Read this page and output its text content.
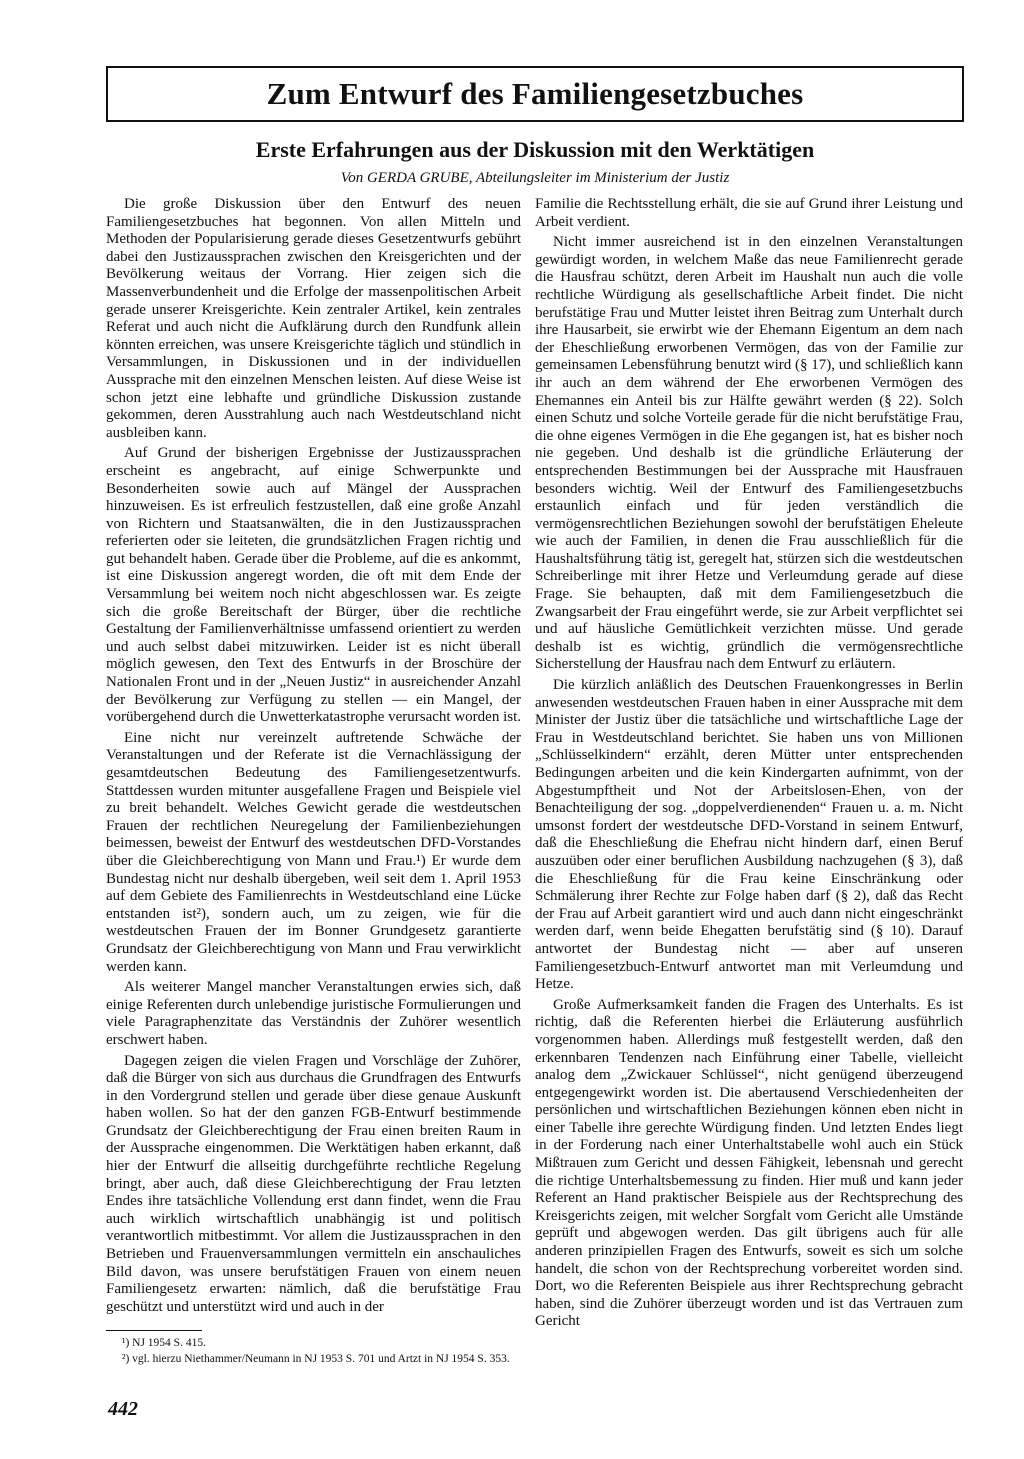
Zum Entwurf des Familiengesetzbuches
Erste Erfahrungen aus der Diskussion mit den Werktätigen

Von GERDA GRUBE, Abteilungsleiter im Ministerium der Justiz

Die große Diskussion über den Entwurf des neuen Familiengesetzbuches hat begonnen. Von allen Mitteln und Methoden der Popularisierung gerade dieses Gesetzentwurfs gebührt dabei den Justizaussprachen zwischen den Kreisgerichten und der Bevölkerung weitaus der Vorrang. Hier zeigen sich die Massenverbundenheit und die Erfolge der massenpolitischen Arbeit gerade unserer Kreisgerichte. Kein zentraler Artikel, kein zentrales Referat und auch nicht die Aufklärung durch den Rundfunk allein könnten erreichen, was unsere Kreisgerichte täglich und stündlich in Versammlungen, in Diskussionen und in der individuellen Aussprache mit den einzelnen Menschen leisten. Auf diese Weise ist schon jetzt eine lebhafte und gründliche Diskussion zustande gekommen, deren Ausstrahlung auch nach Westdeutschland nicht ausbleiben kann.

Auf Grund der bisherigen Ergebnisse der Justizaussprachen erscheint es angebracht, auf einige Schwerpunkte und Besonderheiten sowie auch auf Mängel der Aussprachen hinzuweisen. Es ist erfreulich festzustellen, daß eine große Anzahl von Richtern und Staatsanwälten, die in den Justizaussprachen referierten oder sie leiteten, die grundsätzlichen Fragen richtig und gut behandelt haben. Gerade über die Probleme, auf die es ankommt, ist eine Diskussion angeregt worden, die oft mit dem Ende der Versammlung bei weitem noch nicht abgeschlossen war. Es zeigte sich die große Bereitschaft der Bürger, über die rechtliche Gestaltung der Familienverhältnisse umfassend orientiert zu werden und auch selbst dabei mitzuwirken. Leider ist es nicht überall möglich gewesen, den Text des Entwurfs in der Broschüre der Nationalen Front und in der „Neuen Justiz“ in ausreichender Anzahl der Bevölkerung zur Verfügung zu stellen — ein Mangel, der vorübergehend durch die Unwetterkatastrophe verursacht worden ist.

Eine nicht nur vereinzelt auftretende Schwäche der Veranstaltungen und der Referate ist die Vernachlässigung der gesamtdeutschen Bedeutung des Familiengesetzentwurfs. Stattdessen wurden mitunter ausgefallene Fragen und Beispiele viel zu breit behandelt. Welches Gewicht gerade die westdeutschen Frauen der rechtlichen Neuregelung der Familienbeziehungen beimessen, beweist der Entwurf des westdeutschen DFD-Vorstandes über die Gleichberechtigung von Mann und Frau.¹) Er wurde dem Bundestag nicht nur deshalb übergeben, weil seit dem 1. April 1953 auf dem Gebiete des Familienrechts in Westdeutschland eine Lücke entstanden ist²), sondern auch, um zu zeigen, wie für die westdeutschen Frauen der im Bonner Grundgesetz garantierte Grundsatz der Gleichberechtigung von Mann und Frau verwirklicht werden kann.

Als weiterer Mangel mancher Veranstaltungen erwies sich, daß einige Referenten durch unlebendige juristische Formulierungen und viele Paragraphenzitate das Verständnis der Zuhörer wesentlich erschwert haben.

Dagegen zeigen die vielen Fragen und Vorschläge der Zuhörer, daß die Bürger von sich aus durchaus die Grundfragen des Entwurfs in den Vordergrund stellen und gerade über diese genaue Auskunft haben wollen. So hat der den ganzen FGB-Entwurf bestimmende Grundsatz der Gleichberechtigung der Frau einen breiten Raum in der Aussprache eingenommen. Die Werktätigen haben erkannt, daß hier der Entwurf die allseitig durchgeführte rechtliche Regelung bringt, aber auch, daß diese Gleichberechtigung der Frau letzten Endes ihre tatsächliche Vollendung erst dann findet, wenn die Frau auch wirklich wirtschaftlich unabhängig ist und politisch verantwortlich mitbestimmt. Vor allem die Justizaussprachen in den Betrieben und Frauenversammlungen vermitteln ein anschauliches Bild davon, was unsere berufstätigen Frauen von einem neuen Familiengesetz erwarten: nämlich, daß die berufstätige Frau geschützt und unterstützt wird und auch in der

Familie die Rechtsstellung erhält, die sie auf Grund ihrer Leistung und Arbeit verdient.

Nicht immer ausreichend ist in den einzelnen Veranstaltungen gewürdigt worden, in welchem Maße das neue Familienrecht gerade die Hausfrau schützt, deren Arbeit im Haushalt nun auch die volle rechtliche Würdigung als gesellschaftliche Arbeit findet. Die nicht berufstätige Frau und Mutter leistet ihren Beitrag zum Unterhalt durch ihre Hausarbeit, sie erwirbt wie der Ehemann Eigentum an dem nach der Eheschließung erworbenen Vermögen, das von der Familie zur gemeinsamen Lebensführung benutzt wird (§ 17), und schließlich kann ihr auch an dem während der Ehe erworbenen Vermögen des Ehemannes ein Anteil bis zur Hälfte gewährt werden (§ 22). Solch einen Schutz und solche Vorteile gerade für die nicht berufstätige Frau, die ohne eigenes Vermögen in die Ehe gegangen ist, hat es bisher noch nie gegeben. Und deshalb ist die gründliche Erläuterung der entsprechenden Bestimmungen bei der Aussprache mit Hausfrauen besonders wichtig. Weil der Entwurf des Familiengesetzbuchs erstaunlich einfach und für jeden verständlich die vermögensrechtlichen Beziehungen sowohl der berufstätigen Eheleute wie auch der Familien, in denen die Frau ausschließlich für die Haushaltsführung tätig ist, geregelt hat, stürzen sich die westdeutschen Schreiberlinge mit ihrer Hetze und Verleumdung gerade auf diese Frage. Sie behaupten, daß mit dem Familiengesetzbuch die Zwangsarbeit der Frau eingeführt werde, sie zur Arbeit verpflichtet sei und auf häusliche Gemütlichkeit verzichten müsse. Und gerade deshalb ist es wichtig, gründlich die vermögensrechtliche Sicherstellung der Hausfrau nach dem Entwurf zu erläutern.

Die kürzlich anläßlich des Deutschen Frauenkongresses in Berlin anwesenden westdeutschen Frauen haben in einer Aussprache mit dem Minister der Justiz über die tatsächliche und wirtschaftliche Lage der Frau in Westdeutschland berichtet. Sie haben uns von Millionen „Schlüsselkindern“ erzählt, deren Mütter unter entsprechenden Bedingungen arbeiten und die kein Kindergarten aufnimmt, von der Abgestumpftheit und Not der Arbeitslosen-Ehen, von der Benachteiligung der sog. „doppelverdienenden“ Frauen u. a. m. Nicht umsonst fordert der westdeutsche DFD-Vorstand in seinem Entwurf, daß die Eheschließung die Ehefrau nicht hindern darf, einen Beruf auszuüben oder einer beruflichen Ausbildung nachzugehen (§ 3), daß die Eheschließung für die Frau keine Einschränkung oder Schmälerung ihrer Rechte zur Folge haben darf (§ 2), daß das Recht der Frau auf Arbeit garantiert wird und auch dann nicht eingeschränkt werden darf, wenn beide Ehegatten berufstätig sind (§ 10). Darauf antwortet der Bundestag nicht — aber auf unseren Familiengesetzbuch-Entwurf antwortet man mit Verleumdung und Hetze.

Große Aufmerksamkeit fanden die Fragen des Unterhalts. Es ist richtig, daß die Referenten hierbei die Erläuterung ausführlich vorgenommen haben. Allerdings muß festgestellt werden, daß den erkennbaren Tendenzen nach Einführung einer Tabelle, vielleicht analog dem „Zwickauer Schlüssel“, nicht genügend überzeugend entgegengewirkt worden ist. Die abertausend Verschiedenheiten der persönlichen und wirtschaftlichen Beziehungen können eben nicht in einer Tabelle ihre gerechte Würdigung finden. Und letzten Endes liegt in der Forderung nach einer Unterhaltstabelle wohl auch ein Stück Mißtrauen zum Gericht und dessen Fähigkeit, lebensnah und gerecht die richtige Unterhaltsbemessung zu finden. Hier muß und kann jeder Referent an Hand praktischer Beispiele aus der Rechtsprechung des Kreisgerichts zeigen, mit welcher Sorgfalt vom Gericht alle Umstände geprüft und abgewogen werden. Das gilt übrigens auch für alle anderen prinzipiellen Fragen des Entwurfs, soweit es sich um solche handelt, die schon von der Rechtsprechung vorbereitet worden sind. Dort, wo die Referenten Beispiele aus ihrer Rechtsprechung gebracht haben, sind die Zuhörer überzeugt worden und ist das Vertrauen zum Gericht

¹) NJ 1954 S. 415.

²) vgl. hierzu Niethammer/Neumann in NJ 1953 S. 701 und Artzt in NJ 1954 S. 353.

442
